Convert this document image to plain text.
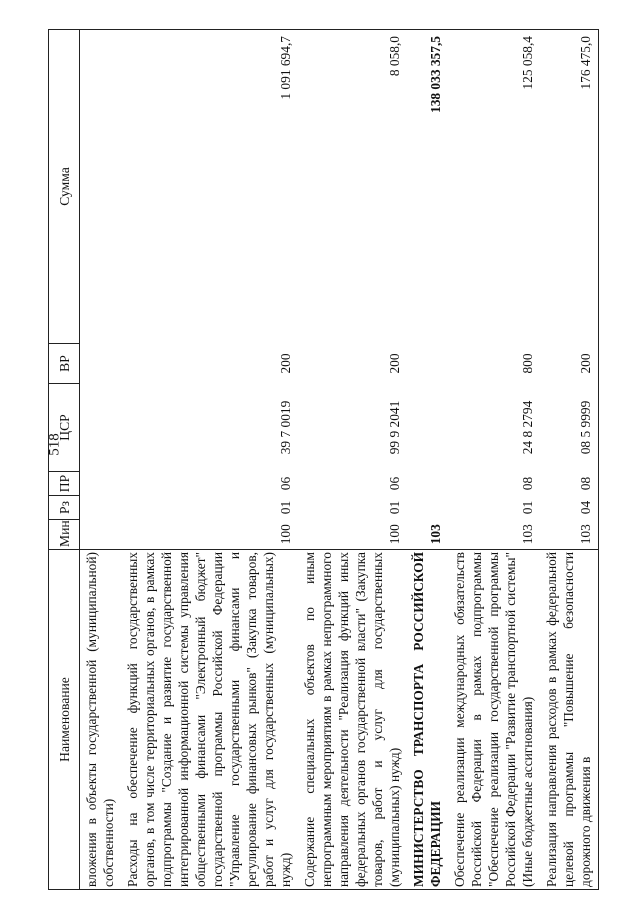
518
Наименование	Мин	Рз	ПР	ЦСР	ВР	Сумма
вложения в объекты государственной (муниципальной) собственности)						
Расходы на обеспечение функций государственных органов, в том числе территориальных органов, в рамках подпрограммы "Создание и развитие государственной интегрированной информационной системы управления общественными финансами "Электронный бюджет" государственной программы Российской Федерации "Управление государственными финансами и регулирование финансовых рынков" (Закупка товаров, работ и услуг для государственных (муниципальных) нужд)	100	01	06	39 7 0019	200	1 091 694,7
Содержание специальных объектов по иным непрограммным мероприятиям в рамках непрограммного направления деятельности "Реализация функций иных федеральных органов государственной власти" (Закупка товаров, работ и услуг для государственных (муниципальных) нужд)	100	01	06	99 9 2041	200	8 058,0
МИНИСТЕРСТВО ТРАНСПОРТА РОССИЙСКОЙ ФЕДЕРАЦИИ	103					138 033 357,5
Обеспечение реализации международных обязательств Российской Федерации в рамках подпрограммы "Обеспечение реализации государственной программы Российской Федерации "Развитие транспортной системы" (Иные бюджетные ассигнования)	103	01	08	24 8 2794	800	125 058,4
Реализация направления расходов в рамках федеральной целевой программы "Повышение безопасности дорожного движения в	103	04	08	08 5 9999	200	176 475,0
